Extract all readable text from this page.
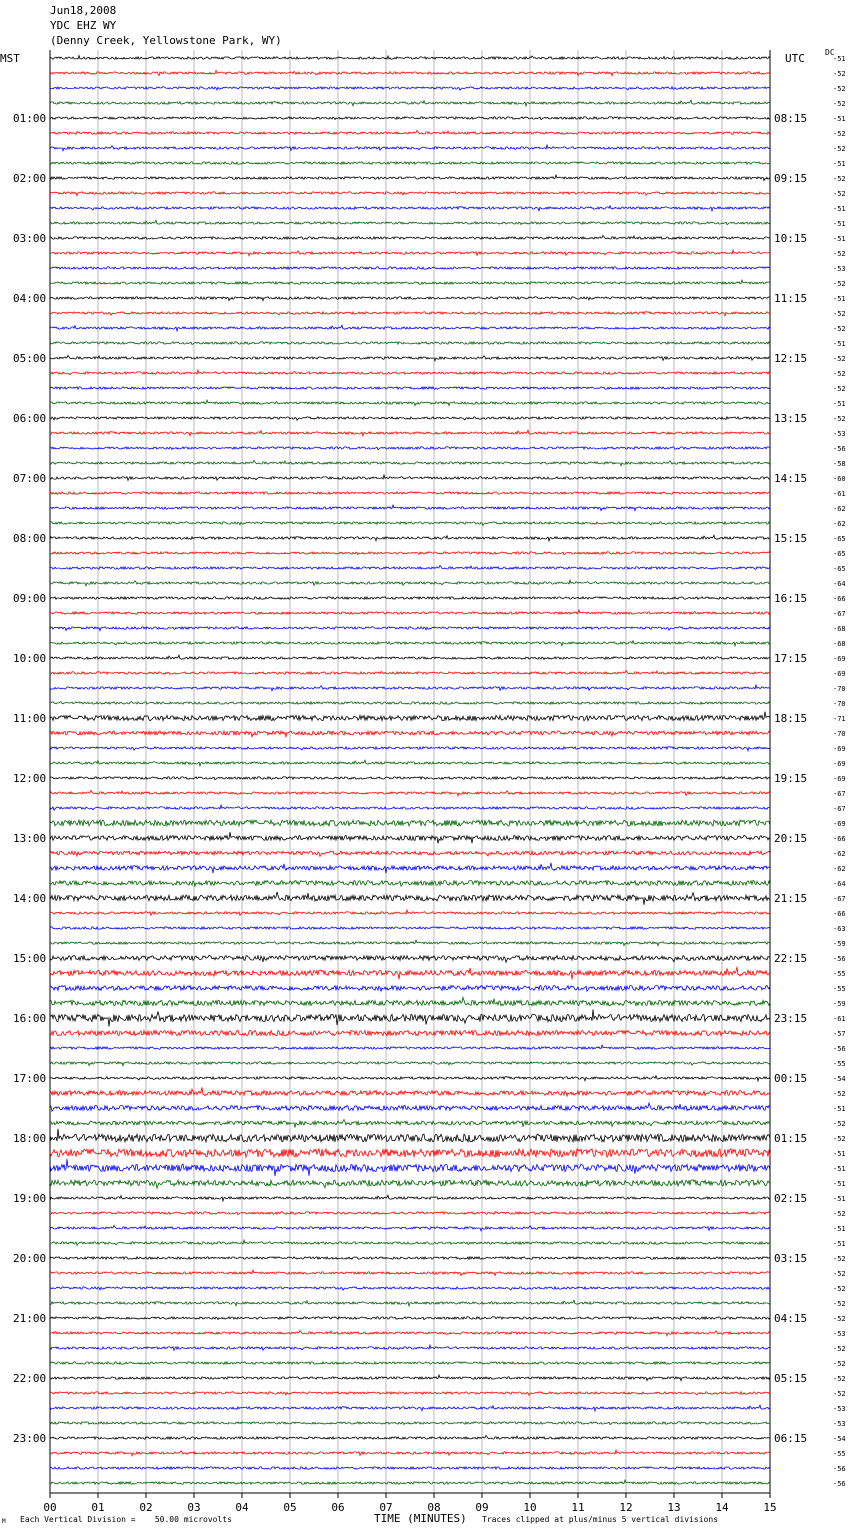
Jun18,2008
YDC EHZ WY
(Denny Creek, Yellowstone Park, WY)
MST	UTC	DC
00	01	02	03	04	05	06	07	08	09	10	11	12	13	14	15
-51
-52
-52
-52
-51
-52
-52
-51
-52
-52
-51
-51
-51
-52
-53
-52
-51
-52
-52
-51
-52
-52
-52
-51
-52
-53
-56
-58
-60
-61
-62
-62
-65
-65
-65
-64
-66
-67
-68
-68
-69
-69
-70
-70
-71
-70
-69
-69
-69
-67
-67
-69
-66
-62
-62
-64
-67
-66
-63
-59
-56
-55
-55
-59
-61
-57
-56
-55
-54
-52
-51
-52
-52
-51
-51
-51
-51
-52
-51
-51
-52
-52
-52
-52
-52
-53
-52
-52
-52
-52
-53
-53
-54
-55
-56
-56
01:00
02:00
03:00
04:00
05:00
06:00
07:00
08:00
09:00
10:00
11:00
12:00
13:00
14:00
15:00
16:00
17:00
18:00
19:00
20:00
21:00
22:00
23:00
08:15
09:15
10:15
11:15
12:15
13:15
14:15
15:15
16:15
17:15
18:15
19:15
20:15
21:15
22:15
23:15
00:15
01:15
02:15
03:15
04:15
05:15
06:15
TIME (MINUTES)
M Each Vertical Division =    50.00 microvolts	Traces clipped at plus/minus 5 vertical divisions
